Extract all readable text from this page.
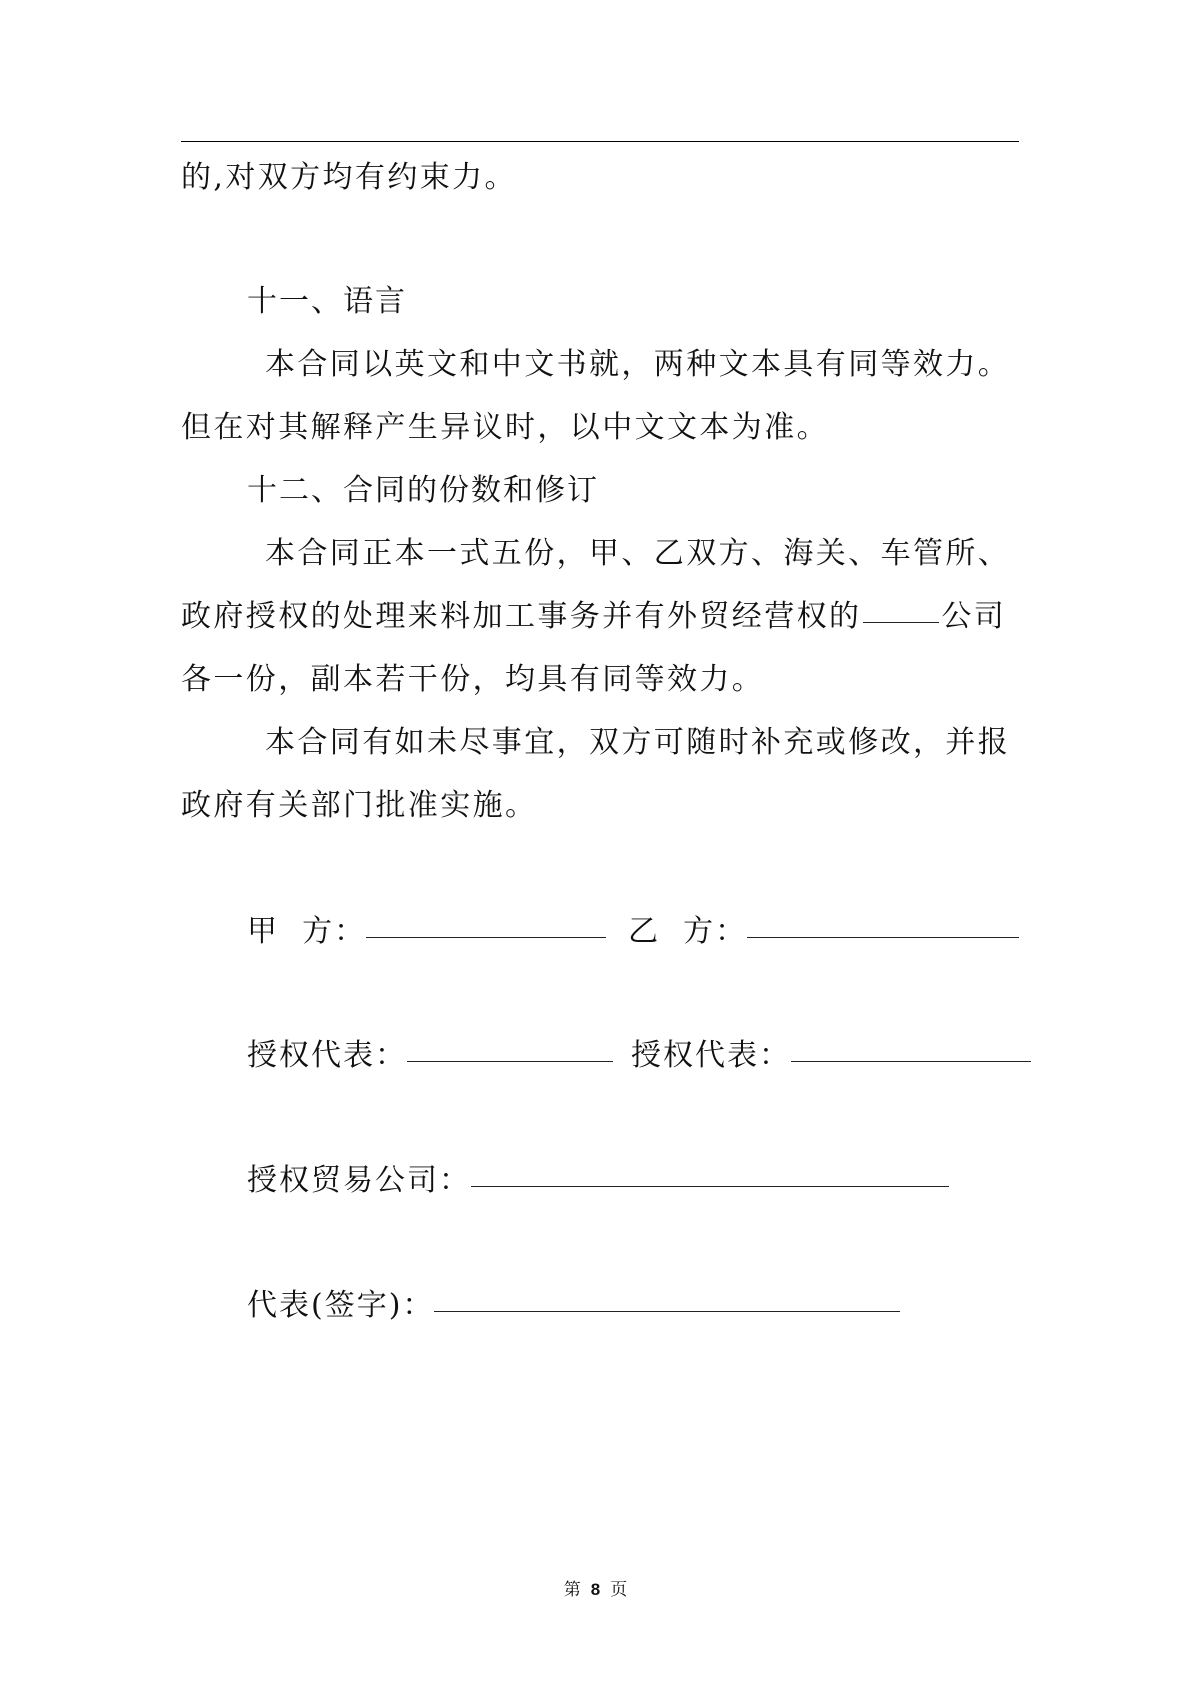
的,对双方均有约束力。
十一、语言
本合同以英文和中文书就，两种文本具有同等效力。
但在对其解释产生异议时，以中文文本为准。
十二、合同的份数和修订
本合同正本一式五份，甲、乙双方、海关、车管所、
政府授权的处理来料加工事务并有外贸经营权的	公司
各一份，副本若干份，均具有同等效力。
本合同有如未尽事宜，双方可随时补充或修改，并报
政府有关部门批准实施。
甲  方：	乙  方：
授权代表：	授权代表：
授权贸易公司：
代表(签字)：
第 8 页
